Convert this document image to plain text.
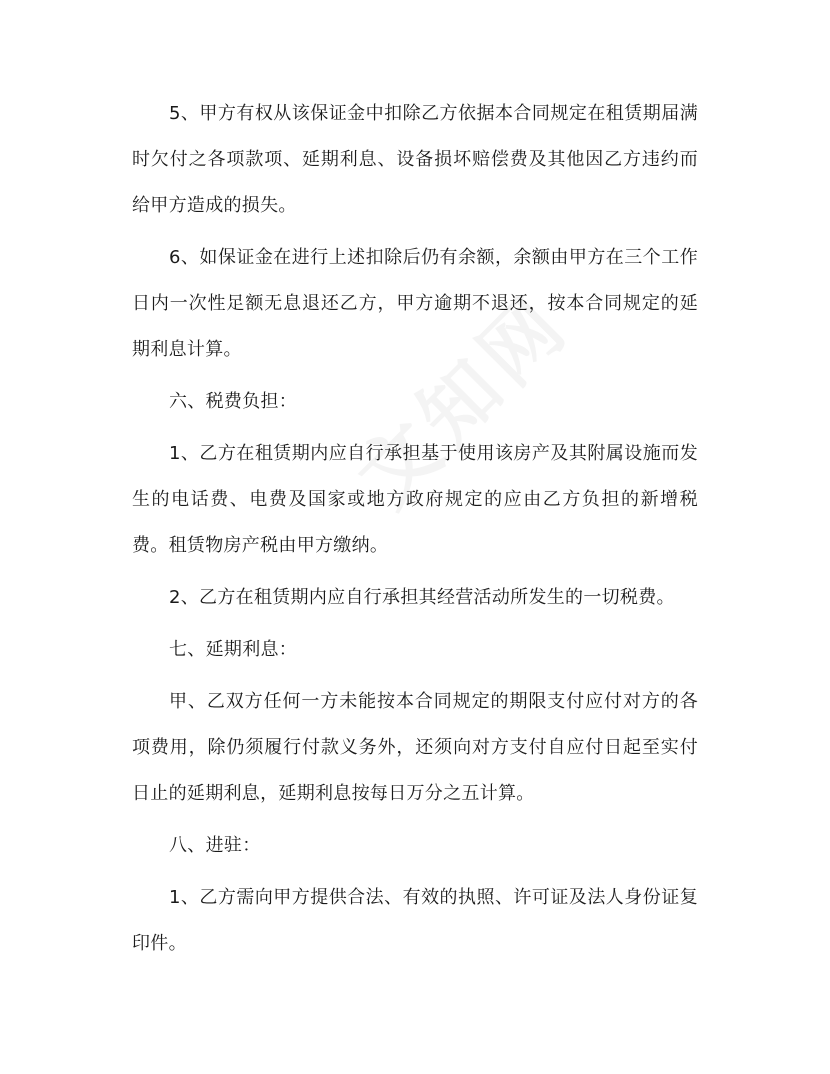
5、甲方有权从该保证金中扣除乙方依据本合同规定在租赁期届满时欠付之各项款项、延期利息、设备损坏赔偿费及其他因乙方违约而给甲方造成的损失。

6、如保证金在进行上述扣除后仍有余额，余额由甲方在三个工作日内一次性足额无息退还乙方，甲方逾期不退还，按本合同规定的延期利息计算。

六、税费负担：

1、乙方在租赁期内应自行承担基于使用该房产及其附属设施而发生的电话费、电费及国家或地方政府规定的应由乙方负担的新增税费。租赁物房产税由甲方缴纳。

2、乙方在租赁期内应自行承担其经营活动所发生的一切税费。

七、延期利息：

甲、乙双方任何一方未能按本合同规定的期限支付应付对方的各项费用，除仍须履行付款义务外，还须向对方支付自应付日起至实付日止的延期利息，延期利息按每日万分之五计算。

八、进驻：

1、乙方需向甲方提供合法、有效的执照、许可证及法人身份证复印件。
